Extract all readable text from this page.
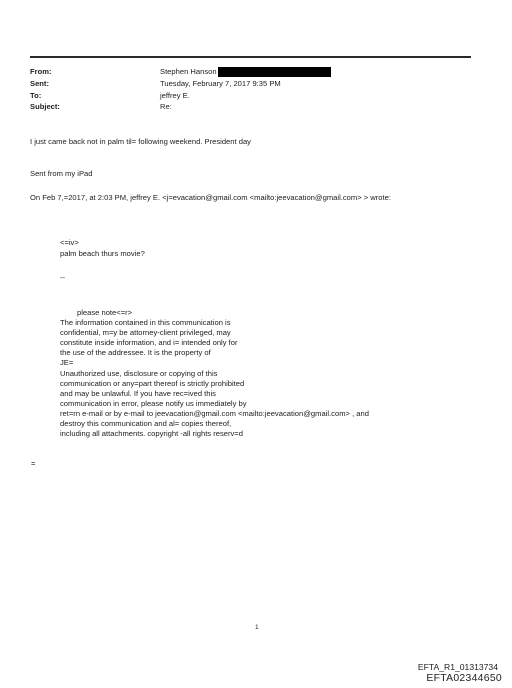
From:	Stephen Hanson
Sent:	Tuesday, February 7, 2017 9:35 PM
To:	jeffrey E.
Subject:	Re:
I just came back not in palm til= following weekend. President day
Sent from my iPad
On Feb 7,=2017, at 2:03 PM, jeffrey E. <j=evacation@gmail.com <mailto:jeevacation@gmail.com> > wrote:
<=iv>
palm beach thurs movie?
--
please note<=r>
The information contained in this communication is
confidential, m=y be attorney-client privileged, may
constitute inside information, and i= intended only for
the use of the addressee. It is the property of
JE=
Unauthorized use, disclosure or copying of this
communication or any=part thereof is strictly prohibited
and may be unlawful. If you have rec=ived this
communication in error, please notify us immediately by
ret=rn e-mail or by e-mail to jeevacation@gmail.com <mailto:jeevacation@gmail.com> , and
destroy this communication and al= copies thereof,
including all attachments. copyright -all rights reserv=d
=
1
EFTA_R1_01313734
EFTA02344650
